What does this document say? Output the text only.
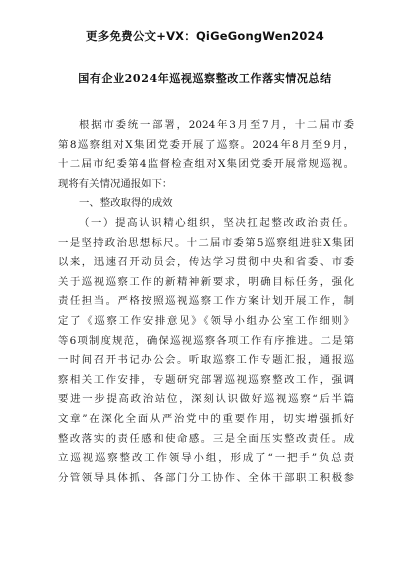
更多免费公文+VX：QiGeGongWen2024
国有企业2024年巡视巡察整改工作落实情况总结
根据市委统一部署，2024年3月至7月，十二届市委
第8巡察组对X集团党委开展了巡察。2024年8月至9月，
十二届市纪委第4监督检查组对X集团党委开展常规巡视。
现将有关情况通报如下：
一、整改取得的成效
（一）提高认识精心组织，坚决扛起整改政治责任。
一是坚持政治思想标尺。十二届市委第5巡察组进驻X集团
以来，迅速召开动员会，传达学习贯彻中央和省委、市委
关于巡视巡察工作的新精神新要求，明确目标任务，强化
责任担当。严格按照巡视巡察工作方案计划开展工作，制
定了《巡察工作安排意见》《领导小组办公室工作细则》
等6项制度规范，确保巡视巡察各项工作有序推进。二是第
一时间召开书记办公会。听取巡察工作专题汇报，通报巡
察相关工作安排，专题研究部署巡视巡察整改工作，强调
要进一步提高政治站位，深刻认识做好巡视巡察“后半篇
文章”在深化全面从严治党中的重要作用，切实增强抓好
整改落实的责任感和使命感。三是全面压实整改责任。成
立巡视巡察整改工作领导小组，形成了“一把手”负总责
分管领导具体抓、各部门分工协作、全体干部职工积极参
